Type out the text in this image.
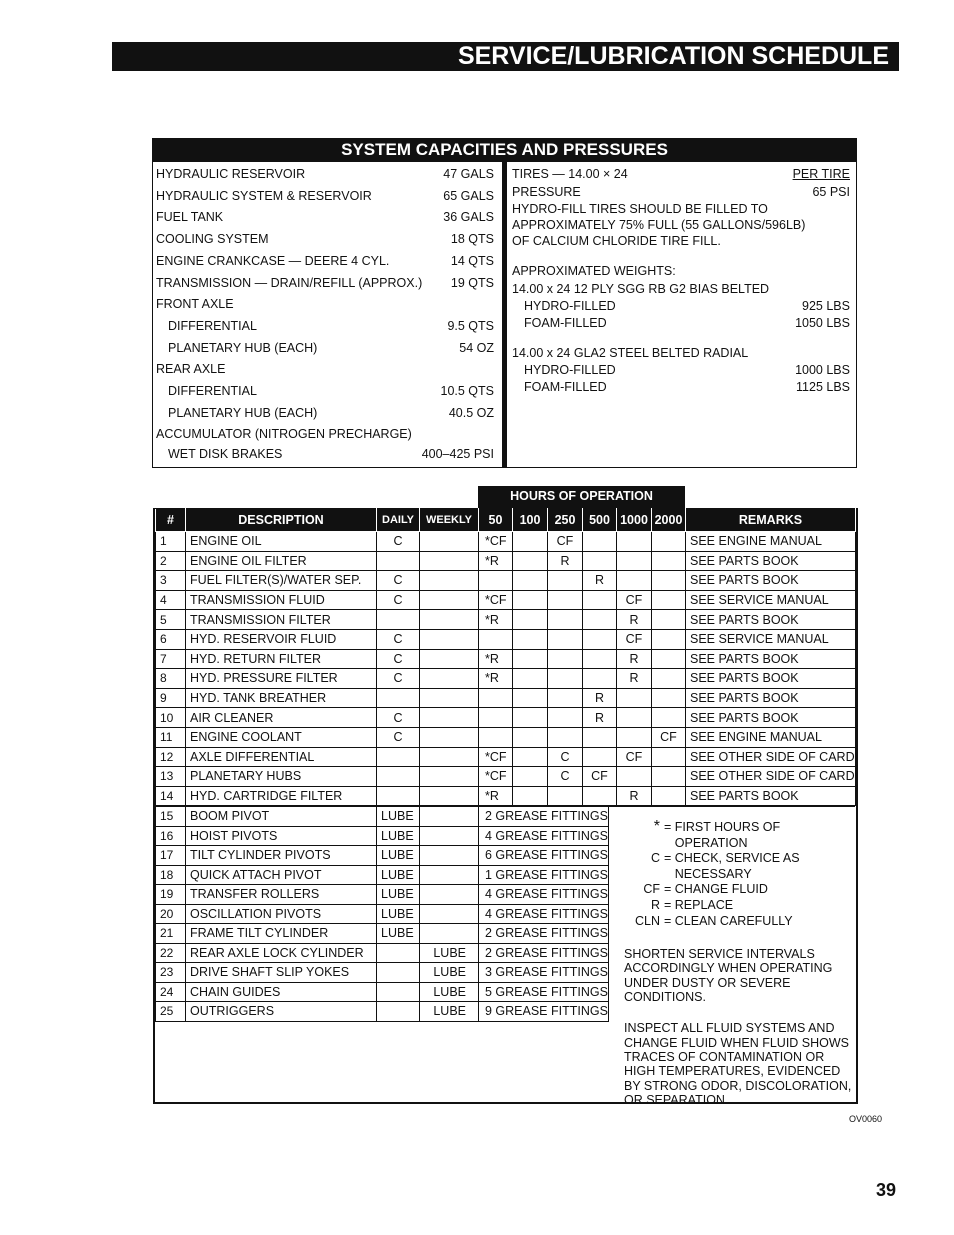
SERVICE/LUBRICATION SCHEDULE
SYSTEM CAPACITIES AND PRESSURES
HYDRAULIC RESERVOIR	47 GALS
HYDRAULIC SYSTEM & RESERVOIR	65 GALS
FUEL TANK	36 GALS
COOLING SYSTEM	18 QTS
ENGINE CRANKCASE — DEERE 4 CYL.	14 QTS
TRANSMISSION — DRAIN/REFILL (APPROX.) 19 QTS
FRONT AXLE
DIFFERENTIAL	9.5 QTS
PLANETARY HUB (EACH)	54 OZ
REAR AXLE
DIFFERENTIAL	10.5 QTS
PLANETARY HUB (EACH)	40.5 OZ
ACCUMULATOR (NITROGEN PRECHARGE)
WET DISK BRAKES	400–425 PSI
TIRES — 14.00 × 24	PER TIRE
PRESSURE	65 PSI
HYDRO-FILL TIRES SHOULD BE FILLED TO
APPROXIMATELY 75% FULL (55 GALLONS/596LB)
OF CALCIUM CHLORIDE TIRE FILL.
APPROXIMATED WEIGHTS:
14.00 x 24 12 PLY SGG RB G2 BIAS BELTED
HYDRO-FILLED	925 LBS
FOAM-FILLED	1050 LBS
14.00 x 24 GLA2 STEEL BELTED RADIAL
HYDRO-FILLED	1000 LBS
FOAM-FILLED	1125 LBS
HOURS OF OPERATION
#	DESCRIPTION	DAILY	WEEKLY	50	100	250	500	1000	2000	REMARKS
1	ENGINE OIL	C		*CF		CF				SEE ENGINE MANUAL
2	ENGINE OIL FILTER			*R		R				SEE PARTS BOOK
3	FUEL FILTER(S)/WATER SEP.	C					R			SEE PARTS BOOK
4	TRANSMISSION FLUID	C		*CF				CF		SEE SERVICE MANUAL
5	TRANSMISSION FILTER			*R				R		SEE PARTS BOOK
6	HYD. RESERVOIR FLUID	C						CF		SEE SERVICE MANUAL
7	HYD. RETURN FILTER	C		*R				R		SEE PARTS BOOK
8	HYD. PRESSURE FILTER	C		*R				R		SEE PARTS BOOK
9	HYD. TANK BREATHER						R			SEE PARTS BOOK
10	AIR CLEANER	C					R			SEE PARTS BOOK
11	ENGINE COOLANT	C							CF	SEE ENGINE MANUAL
12	AXLE DIFFERENTIAL			*CF		C		CF		SEE OTHER SIDE OF CARD
13	PLANETARY HUBS			*CF		C	CF			SEE OTHER SIDE OF CARD
14	HYD. CARTRIDGE FILTER			*R				R		SEE PARTS BOOK
15	BOOM PIVOT	LUBE		2 GREASE FITTINGS
16	HOIST PIVOTS	LUBE		4 GREASE FITTINGS
17	TILT CYLINDER PIVOTS	LUBE		6 GREASE FITTINGS
18	QUICK ATTACH PIVOT	LUBE		1 GREASE FITTINGS
19	TRANSFER ROLLERS	LUBE		4 GREASE FITTINGS
20	OSCILLATION PIVOTS	LUBE		4 GREASE FITTINGS
21	FRAME TILT CYLINDER	LUBE		2 GREASE FITTINGS
22	REAR AXLE LOCK CYLINDER		LUBE	2 GREASE FITTINGS
23	DRIVE SHAFT SLIP YOKES		LUBE	3 GREASE FITTINGS
24	CHAIN GUIDES		LUBE	5 GREASE FITTINGS
25	OUTRIGGERS		LUBE	9 GREASE FITTINGS
* = FIRST HOURS OF OPERATION
C = CHECK, SERVICE AS NECESSARY
CF = CHANGE FLUID
R = REPLACE
CLN = CLEAN CAREFULLY
SHORTEN SERVICE INTERVALS ACCORDINGLY WHEN OPERATING UNDER DUSTY OR SEVERE CONDITIONS.
INSPECT ALL FLUID SYSTEMS AND CHANGE FLUID WHEN FLUID SHOWS TRACES OF CONTAMINATION OR HIGH TEMPERATURES, EVIDENCED BY STRONG ODOR, DISCOLORATION, OR SEPARATION
OV0060
39
